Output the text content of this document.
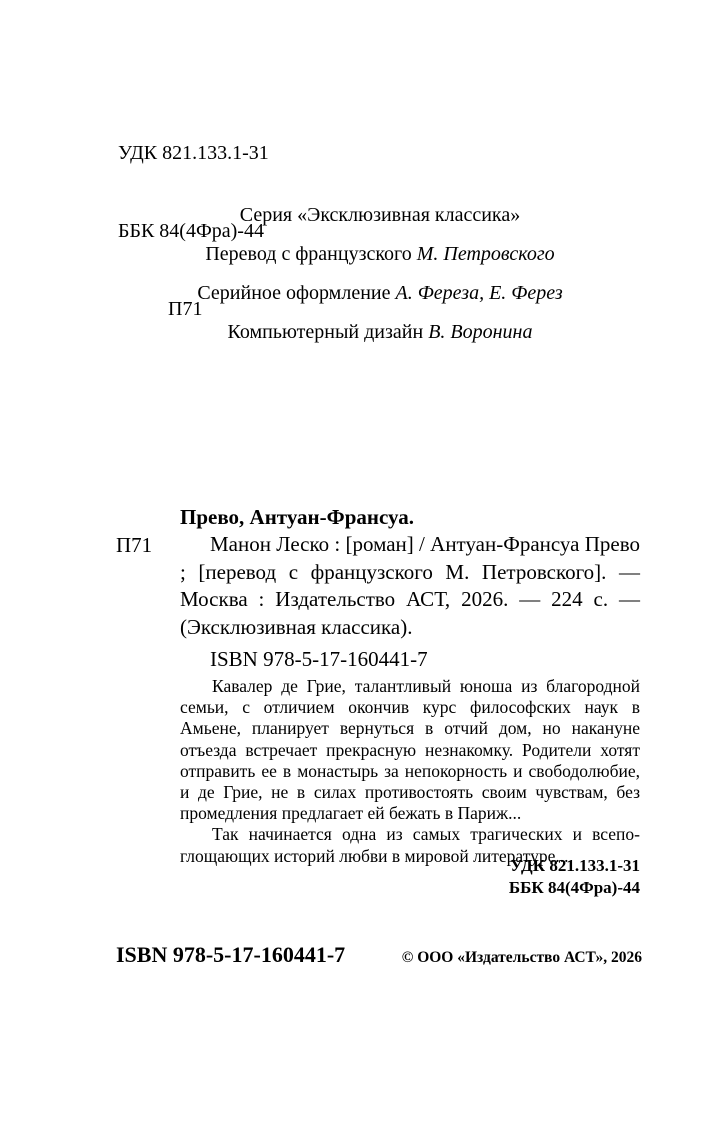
УДК 821.133.1-31

ББК 84(4Фра)-44

П71

Серия «Эксклюзивная классика»
Перевод с французского М. Петровского
Серийное оформление А. Фереза, Е. Ферез
Компьютерный дизайн В. Воронина
Прево, Антуан-Франсуа.
П71	Манон Леско : [роман] / Антуан-Франсуа Прево ; [перевод с французского М. Петровского]. — Москва : Издательство АСТ, 2026. — 224 с. — (Эксклюзивная классика).
ISBN 978-5-17-160441-7

Кавалер де Грие, талантливый юноша из благородной семьи, с отличием окончив курс философских наук в Амьене, планирует вернуться в отчий дом, но накануне отъезда встречает прекрасную незнакомку. Родители хотят отправить ее в монастырь за непокорность и свободолюбие, и де Грие, не в силах противостоять своим чувствам, без промедления предлагает ей бежать в Париж...

Так начинается одна из самых трагических и всепоглощающих историй любви в мировой литературе...

УДК 821.133.1-31
ББК 84(4Фра)-44
ISBN 978-5-17-160441-7	© ООО «Издательство АСТ», 2026
